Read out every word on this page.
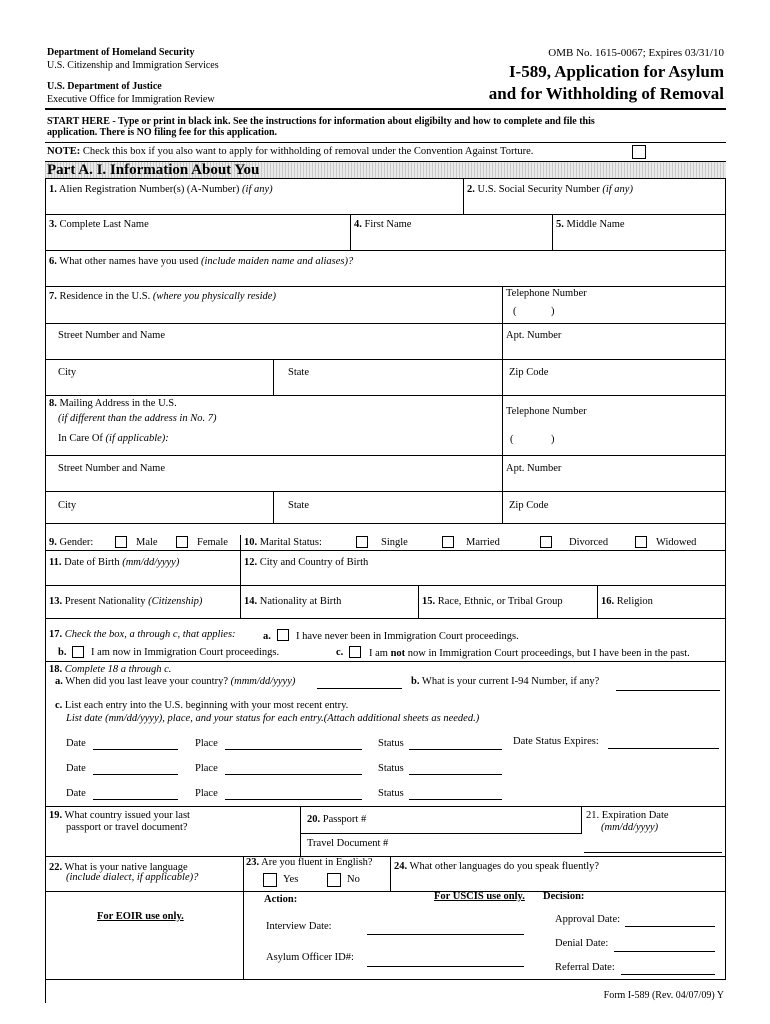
Department of Homeland Security
U.S. Citizenship and Immigration Services
U.S. Department of Justice
Executive Office for Immigration Review
OMB No. 1615-0067; Expires 03/31/10
I-589, Application for Asylum
and for Withholding of Removal
START HERE - Type or print in black ink. See the instructions for information about eligibilty and how to complete and file this
application. There is NO filing fee for this application.
NOTE: Check this box if you also want to apply for withholding of removal under the Convention Against Torture.
Part A. I. Information About You
1. Alien Registration Number(s) (A-Number) (if any)	2. U.S. Social Security Number (if any)
3. Complete Last Name	4. First Name	5. Middle Name
6. What other names have you used (include maiden name and aliases)?
7. Residence in the U.S. (where you physically reside)	Telephone Number
(	)
Street Number and Name	Apt. Number
City	State	Zip Code
8. Mailing Address in the U.S.
(if different than the address in No. 7)
In Care Of (if applicable):
Telephone Number
(	)
Street Number and Name	Apt. Number
City	State	Zip Code
9. Gender:	Male	Female 10. Marital Status:	Single	Married	Divorced	Widowed
11. Date of Birth (mm/dd/yyyy)	12. City and Country of Birth
13. Present Nationality (Citizenship)	14. Nationality at Birth	15. Race, Ethnic, or Tribal Group	16. Religion
17. Check the box, a through c, that applies:	a. I have never been in Immigration Court proceedings.
b. I am now in Immigration Court proceedings.	c. I am not now in Immigration Court proceedings, but I have been in the past.
18. Complete 18 a through c.
a. When did you last leave your country? (mmm/dd/yyyy)	b. What is your current I-94 Number, if any?
c. List each entry into the U.S. beginning with your most recent entry.
List date (mm/dd/yyyy), place, and your status for each entry.(Attach additional sheets as needed.)
Date	Place	Status	Date Status Expires:
Date	Place	Status
Date	Place	Status
19. What country issued your last
passport or travel document?
20. Passport #	21. Expiration Date
(mm/dd/yyyy)
Travel Document #
22. What is your native language
(include dialect, if applicable)?
23. Are you fluent in English?
Yes	No
24. What other languages do you speak fluently?
For EOIR use only.
Action:	For USCIS use only. Decision:
Interview Date:
Asylum Officer ID#:
Approval Date:
Denial Date:
Referral Date:
Form I-589 (Rev. 04/07/09) Y
